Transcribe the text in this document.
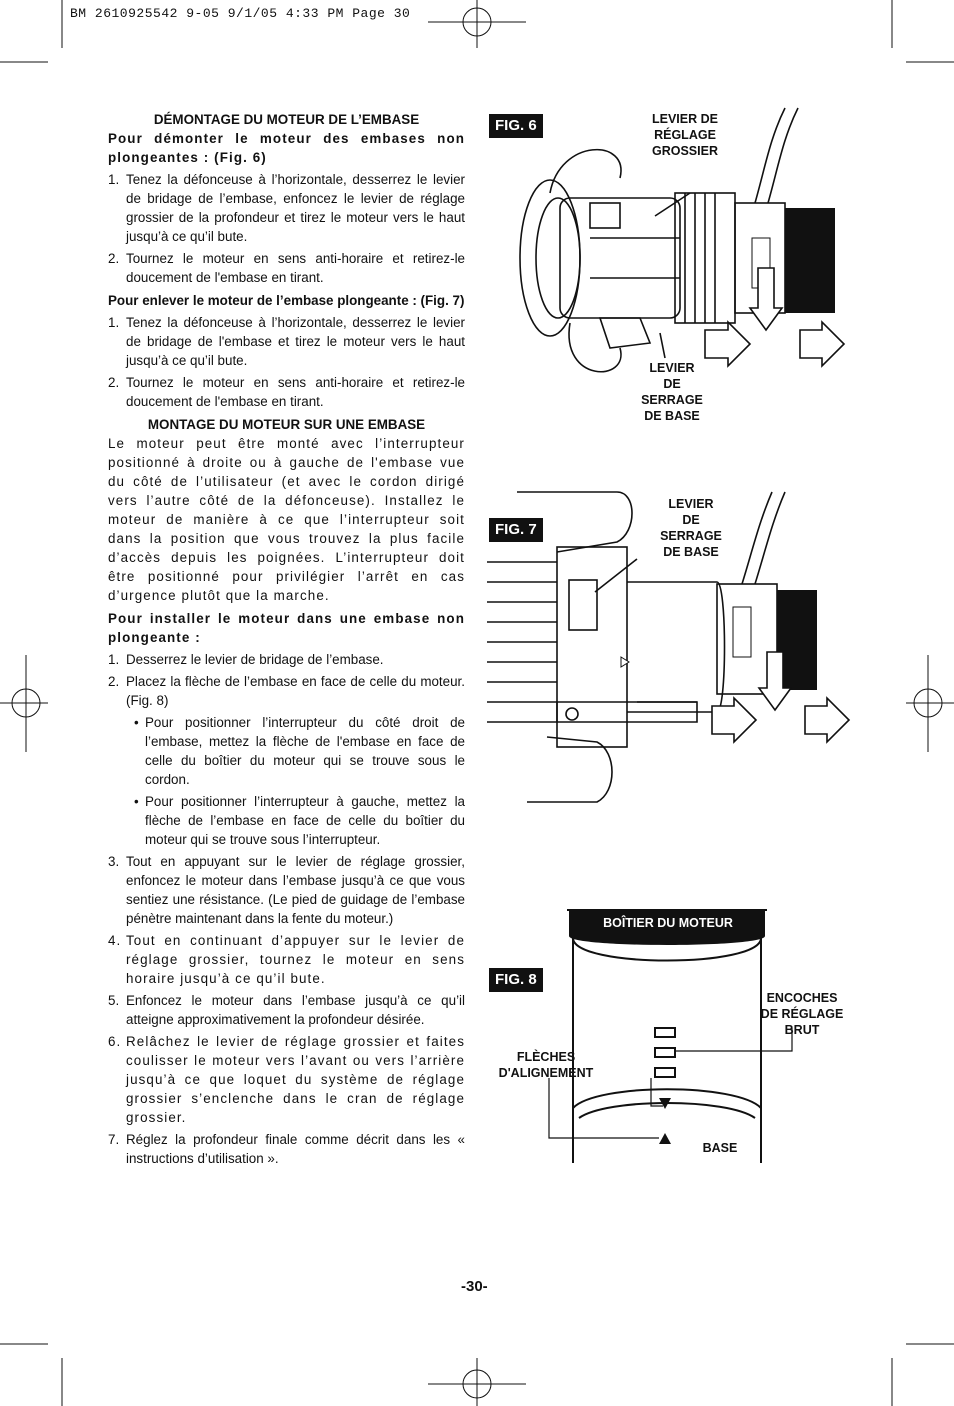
BM 2610925542 9-05 9/1/05 4:33 PM Page 30

DÉMONTAGE DU MOTEUR DE L’EMBASE

Pour démonter le moteur des embases non plongeantes : (Fig. 6)

1. Tenez la défonceuse à l’horizontale, desserrez le levier de bridage de l’embase, enfoncez le levier de réglage grossier de la profondeur et tirez le moteur vers le haut jusqu’à ce qu’il bute.

2. Tournez le moteur en sens anti-horaire et retirez-le doucement de l'embase en tirant.

Pour enlever le moteur de l’embase plongeante : (Fig. 7)

1. Tenez la défonceuse à l’horizontale, desserrez le levier de bridage de l'embase et tirez le moteur vers le haut jusqu’à ce qu’il bute.

2. Tournez le moteur en sens anti-horaire et retirez-le doucement de l'embase en tirant.

MONTAGE DU MOTEUR SUR UNE EMBASE

Le moteur peut être monté avec l’interrupteur positionné à droite ou à gauche de l'embase vue du côté de l’utilisateur (et avec le cordon dirigé vers l’autre côté de la défonceuse). Installez le moteur de manière à ce que l’interrupteur soit dans la position que vous trouvez la plus facile d’accès depuis les poignées. L’interrupteur doit être positionné pour privilégier l’arrêt en cas d’urgence plutôt que la marche.

Pour installer le moteur dans une embase non plongeante :

1. Desserrez le levier de bridage de l’embase.

2. Placez la flèche de l’embase en face de celle du moteur. (Fig. 8)

• Pour positionner l’interrupteur du côté droit de l’embase, mettez la flèche de l'embase en face de celle du boîtier du moteur qui se trouve sous le cordon.

• Pour positionner l’interrupteur à gauche, mettez la flèche de l’embase en face de celle du boîtier du moteur qui se trouve sous l’interrupteur.

3. Tout en appuyant sur le levier de réglage grossier, enfoncez le moteur dans l’embase jusqu’à ce que vous sentiez une résistance. (Le pied de guidage de l’embase pénètre maintenant dans la fente du moteur.)

4. Tout en continuant d’appuyer sur le levier de réglage grossier, tournez le moteur en sens horaire jusqu’à ce qu’il bute.

5. Enfoncez le moteur dans l’embase jusqu’à ce qu’il atteigne approximativement la profondeur désirée.

6. Relâchez le levier de réglage grossier et faites coulisser le moteur vers l’avant ou vers l’arrière jusqu’à ce que loquet du système de réglage grossier s’enclenche dans le cran de réglage grossier.

7. Réglez la profondeur finale comme décrit dans les « instructions d’utilisation ».

FIG. 6	LEVIER DE
RÉGLAGE
GROSSIER
LEVIER
DE
SERRAGE
DE BASE
FIG. 7
LEVIER
DE
SERRAGE
DE BASE
FIG. 8
BOÎTIER DU MOTEUR
ENCOCHES
DE RÉGLAGE
BRUT
FLÈCHES
D'ALIGNEMENT
BASE
-30-
